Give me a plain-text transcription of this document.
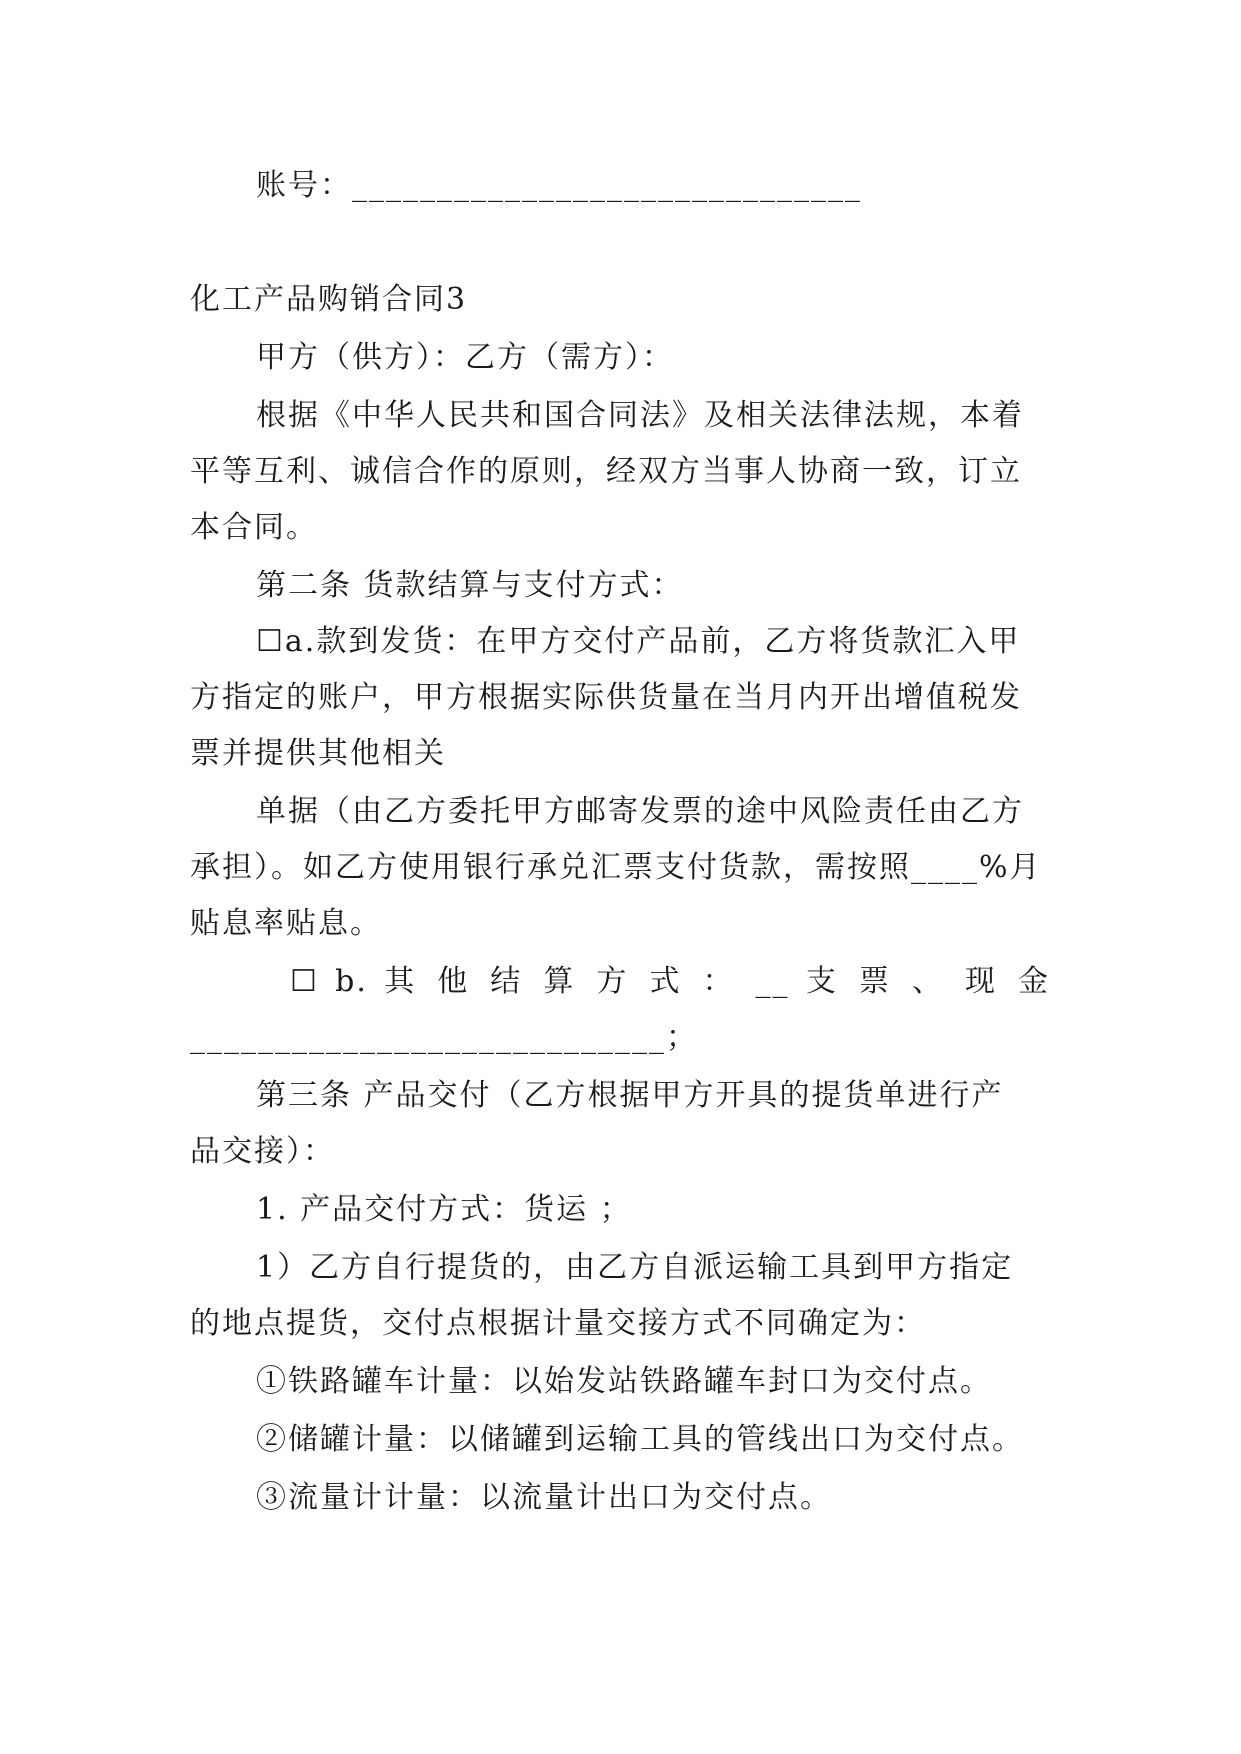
账号：______________________________
化工产品购销合同3
甲方（供方）：乙方（需方）：
根据《中华人民共和国合同法》及相关法律法规，本着
平等互利、诚信合作的原则，经双方当事人协商一致，订立
本合同。
第二条 货款结算与支付方式：
☐a.款到发货：在甲方交付产品前，乙方将货款汇入甲
方指定的账户，甲方根据实际供货量在当月内开出增值税发
票并提供其他相关
单据（由乙方委托甲方邮寄发票的途中风险责任由乙方
承担）。如乙方使用银行承兑汇票支付货款，需按照____%月
贴息率贴息。
☐ b. 其 他 结 算 方 式 ： __ 支 票 、 现 金
____________________________；
第三条 产品交付（乙方根据甲方开具的提货单进行产
品交接）：
1. 产品交付方式：货运 ；
1）乙方自行提货的，由乙方自派运输工具到甲方指定
的地点提货，交付点根据计量交接方式不同确定为：
①铁路罐车计量：以始发站铁路罐车封口为交付点。
②储罐计量：以储罐到运输工具的管线出口为交付点。
③流量计计量：以流量计出口为交付点。
